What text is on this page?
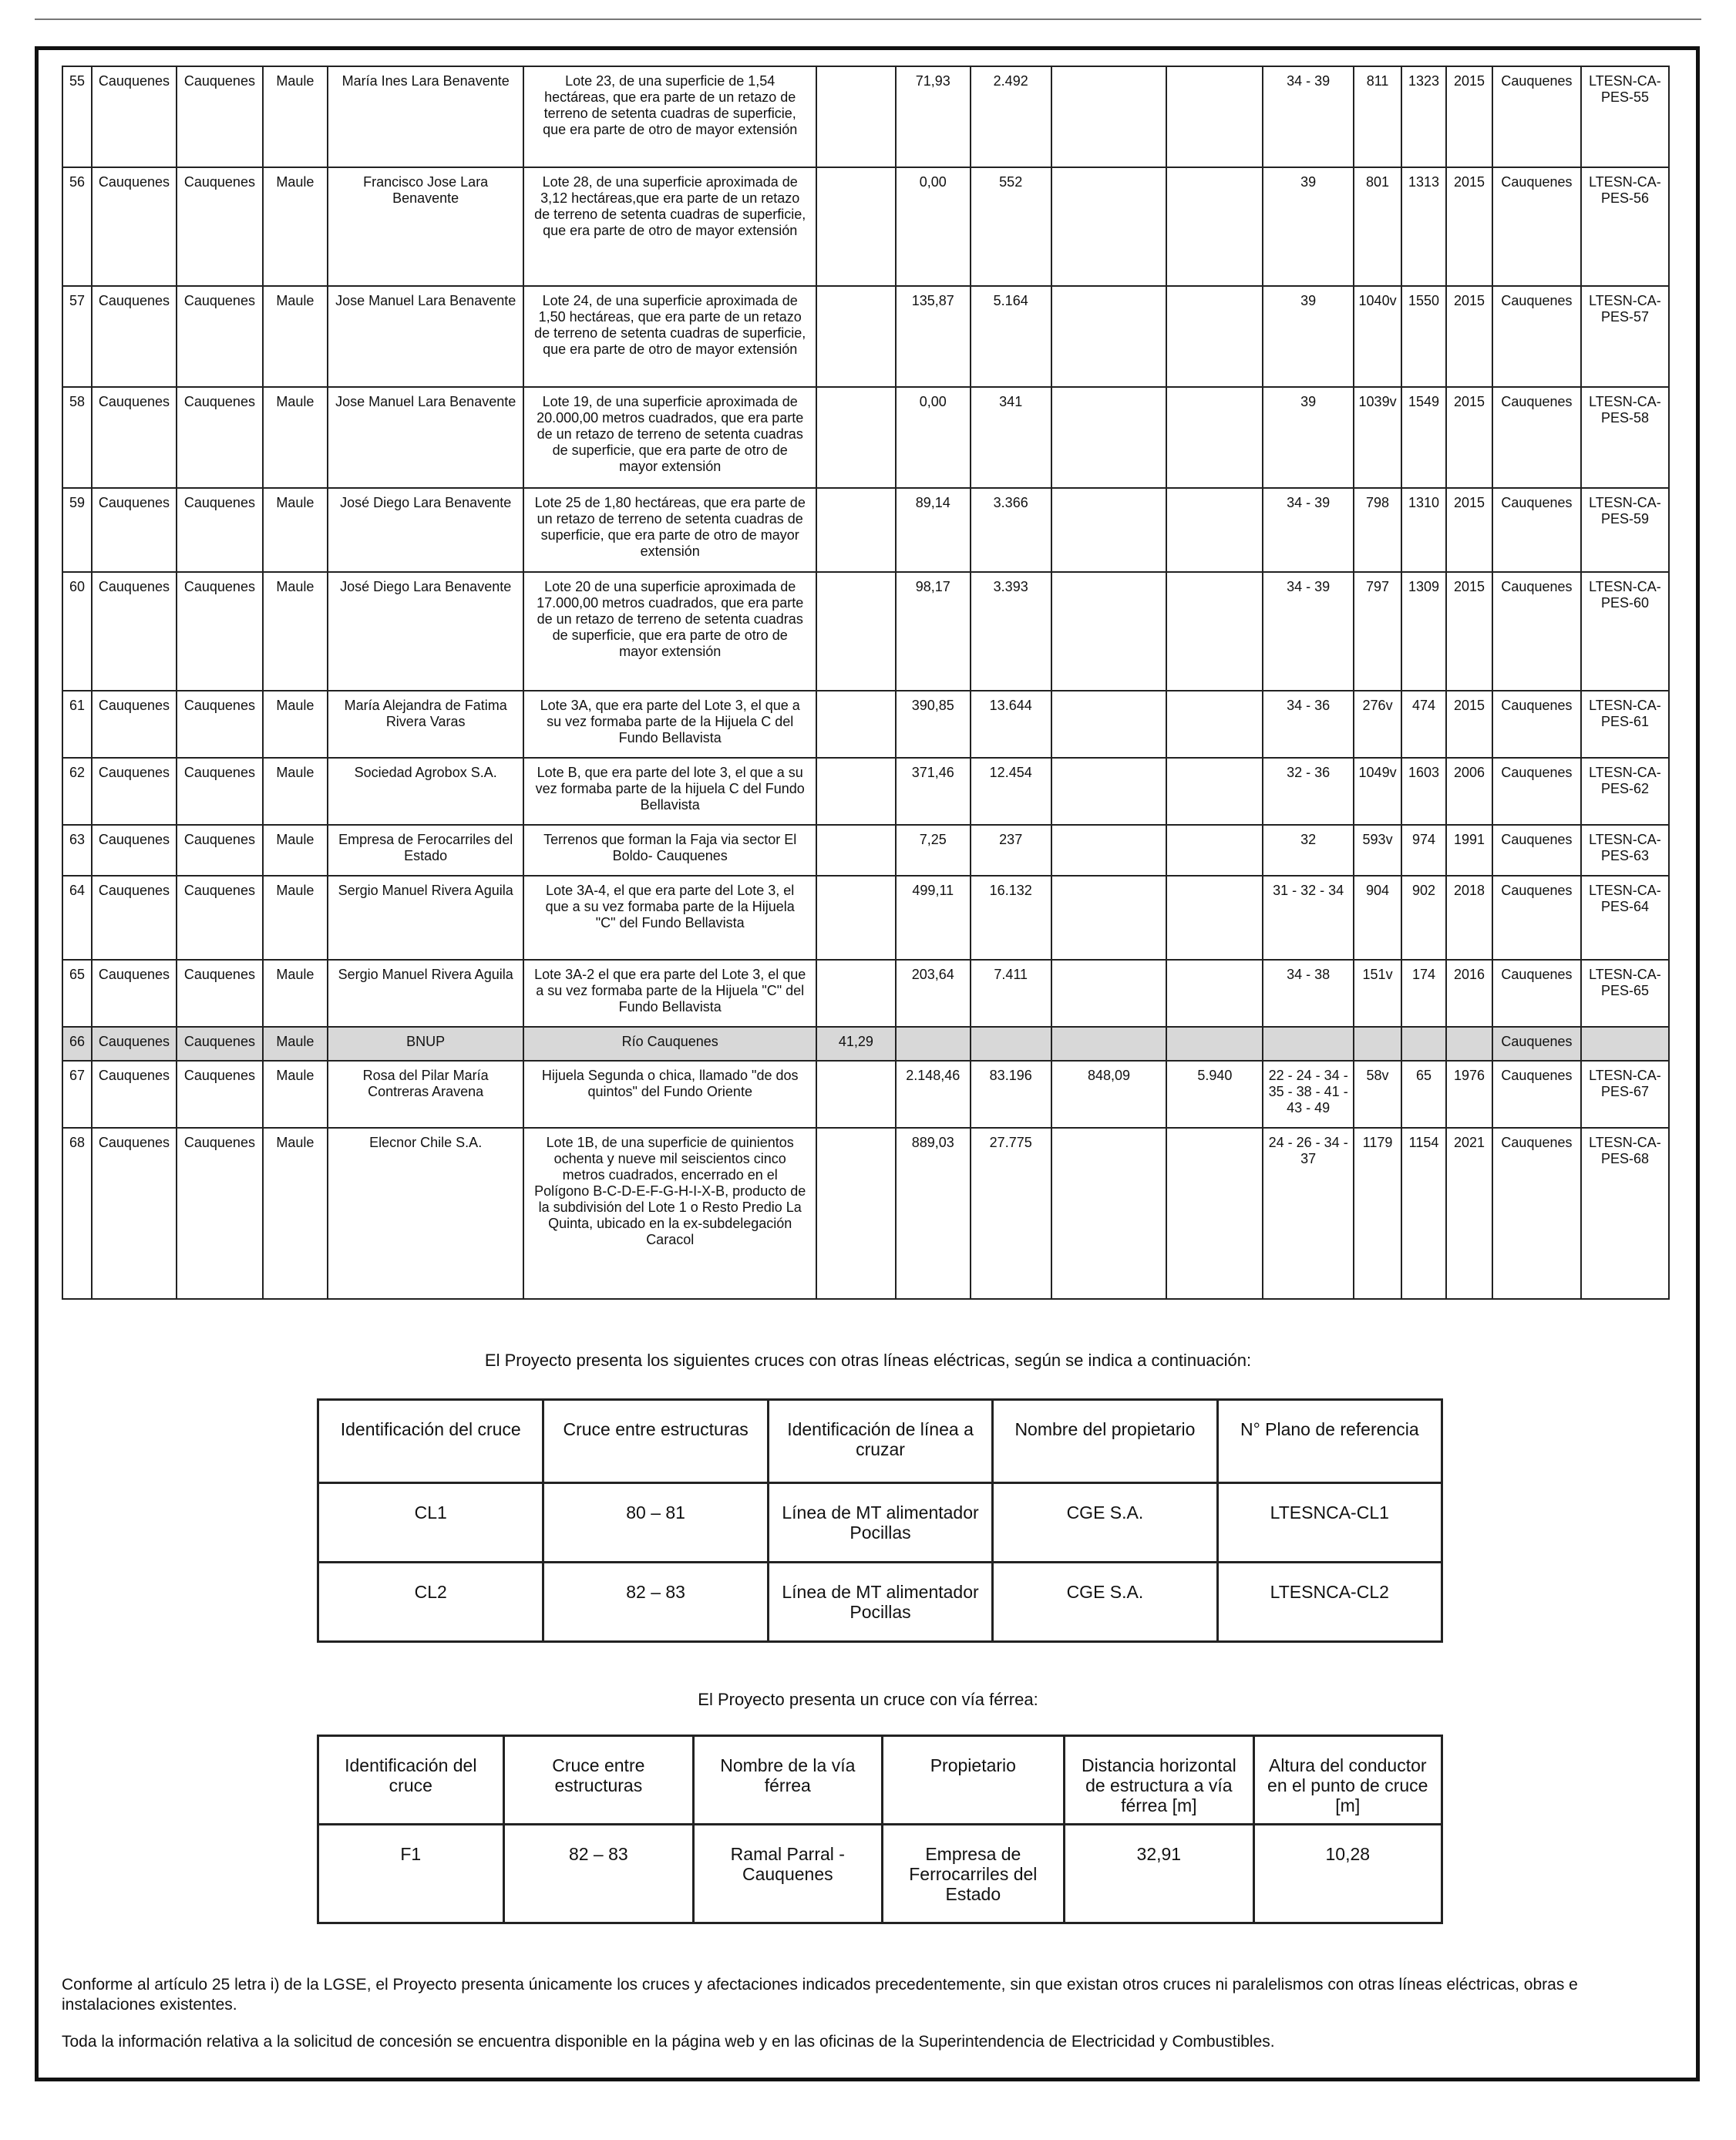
55	Cauquenes	Cauquenes	Maule	María Ines Lara Benavente	Lote 23, de una superficie de 1,54 hectáreas, que era parte de un retazo de terreno de setenta cuadras de superficie, que era parte de otro de mayor extensión		71,93	2.492			34 - 39	811	1323	2015	Cauquenes	LTESN-CA-PES-55
56	Cauquenes	Cauquenes	Maule	Francisco Jose Lara Benavente	Lote 28, de una superficie aproximada de 3,12 hectáreas,que era parte de un retazo de terreno de setenta cuadras de superficie, que era parte de otro de mayor extensión		0,00	552			39	801	1313	2015	Cauquenes	LTESN-CA-PES-56
57	Cauquenes	Cauquenes	Maule	Jose Manuel Lara Benavente	Lote 24, de una superficie aproximada de 1,50 hectáreas, que era parte de un retazo de terreno de setenta cuadras de superficie, que era parte de otro de mayor extensión		135,87	5.164			39	1040v	1550	2015	Cauquenes	LTESN-CA-PES-57
58	Cauquenes	Cauquenes	Maule	Jose Manuel Lara Benavente	Lote 19, de una superficie aproximada de 20.000,00 metros cuadrados, que era parte de un retazo de terreno de setenta cuadras de superficie, que era parte de otro de mayor extensión		0,00	341			39	1039v	1549	2015	Cauquenes	LTESN-CA-PES-58
59	Cauquenes	Cauquenes	Maule	José Diego Lara Benavente	Lote 25 de 1,80 hectáreas, que era parte de un retazo de terreno de setenta cuadras de superficie, que era parte de otro de mayor extensión		89,14	3.366			34 - 39	798	1310	2015	Cauquenes	LTESN-CA-PES-59
60	Cauquenes	Cauquenes	Maule	José Diego Lara Benavente	Lote 20 de una superficie aproximada de 17.000,00 metros cuadrados, que era parte de un retazo de terreno de setenta cuadras de superficie, que era parte de otro de mayor extensión		98,17	3.393			34 - 39	797	1309	2015	Cauquenes	LTESN-CA-PES-60
61	Cauquenes	Cauquenes	Maule	María Alejandra de Fatima Rivera Varas	Lote 3A, que era parte del Lote 3, el que a su vez formaba parte de la Hijuela C del Fundo Bellavista		390,85	13.644			34 - 36	276v	474	2015	Cauquenes	LTESN-CA-PES-61
62	Cauquenes	Cauquenes	Maule	Sociedad Agrobox S.A.	Lote B, que era parte del lote 3, el que a su vez formaba parte de la hijuela C del Fundo Bellavista		371,46	12.454			32 - 36	1049v	1603	2006	Cauquenes	LTESN-CA-PES-62
63	Cauquenes	Cauquenes	Maule	Empresa de Ferocarriles del Estado	Terrenos que forman la Faja via sector El Boldo- Cauquenes		7,25	237			32	593v	974	1991	Cauquenes	LTESN-CA-PES-63
64	Cauquenes	Cauquenes	Maule	Sergio Manuel Rivera Aguila	Lote 3A-4, el que era parte del Lote 3, el que a su vez formaba parte de la Hijuela "C" del Fundo Bellavista		499,11	16.132			31 - 32 - 34	904	902	2018	Cauquenes	LTESN-CA-PES-64
65	Cauquenes	Cauquenes	Maule	Sergio Manuel Rivera Aguila	Lote 3A-2 el que era parte del Lote 3, el que a su vez formaba parte de la Hijuela "C" del Fundo Bellavista		203,64	7.411			34 - 38	151v	174	2016	Cauquenes	LTESN-CA-PES-65
66	Cauquenes	Cauquenes	Maule	BNUP	Río Cauquenes	41,29									Cauquenes	
67	Cauquenes	Cauquenes	Maule	Rosa del Pilar María Contreras Aravena	Hijuela Segunda o chica, llamado "de dos quintos" del Fundo Oriente		2.148,46	83.196	848,09	5.940	22 - 24 - 34 - 35 - 38 - 41 - 43 - 49	58v	65	1976	Cauquenes	LTESN-CA-PES-67
68	Cauquenes	Cauquenes	Maule	Elecnor Chile S.A.	Lote 1B, de una superficie de quinientos ochenta y nueve mil seiscientos cinco metros cuadrados, encerrado en el Polígono B-C-D-E-F-G-H-I-X-B, producto de la subdivisión del Lote 1 o Resto Predio La Quinta, ubicado en la ex-subdelegación Caracol		889,03	27.775			24 - 26 - 34 - 37	1179	1154	2021	Cauquenes	LTESN-CA-PES-68
El Proyecto presenta los siguientes cruces con otras líneas eléctricas, según se indica a continuación:
Identificación del cruce	Cruce entre estructuras	Identificación de línea a cruzar	Nombre del propietario	N° Plano de referencia
CL1	80 – 81	Línea de MT alimentador Pocillas	CGE S.A.	LTESNCA-CL1
CL2	82 – 83	Línea de MT alimentador Pocillas	CGE S.A.	LTESNCA-CL2
El Proyecto presenta un cruce con vía férrea:
Identificación del cruce	Cruce entre estructuras	Nombre de la vía férrea	Propietario	Distancia horizontal de estructura a vía férrea [m]	Altura del conductor en el punto de cruce [m]
F1	82 – 83	Ramal Parral - Cauquenes	Empresa de Ferrocarriles del Estado	32,91	10,28
Conforme al artículo 25 letra i) de la LGSE, el Proyecto presenta únicamente los cruces y afectaciones indicados precedentemente, sin que existan otros cruces ni paralelismos con otras líneas eléctricas, obras e instalaciones existentes.
Toda la información relativa a la solicitud de concesión se encuentra disponible en la página web y en las oficinas de la Superintendencia de Electricidad y Combustibles.
